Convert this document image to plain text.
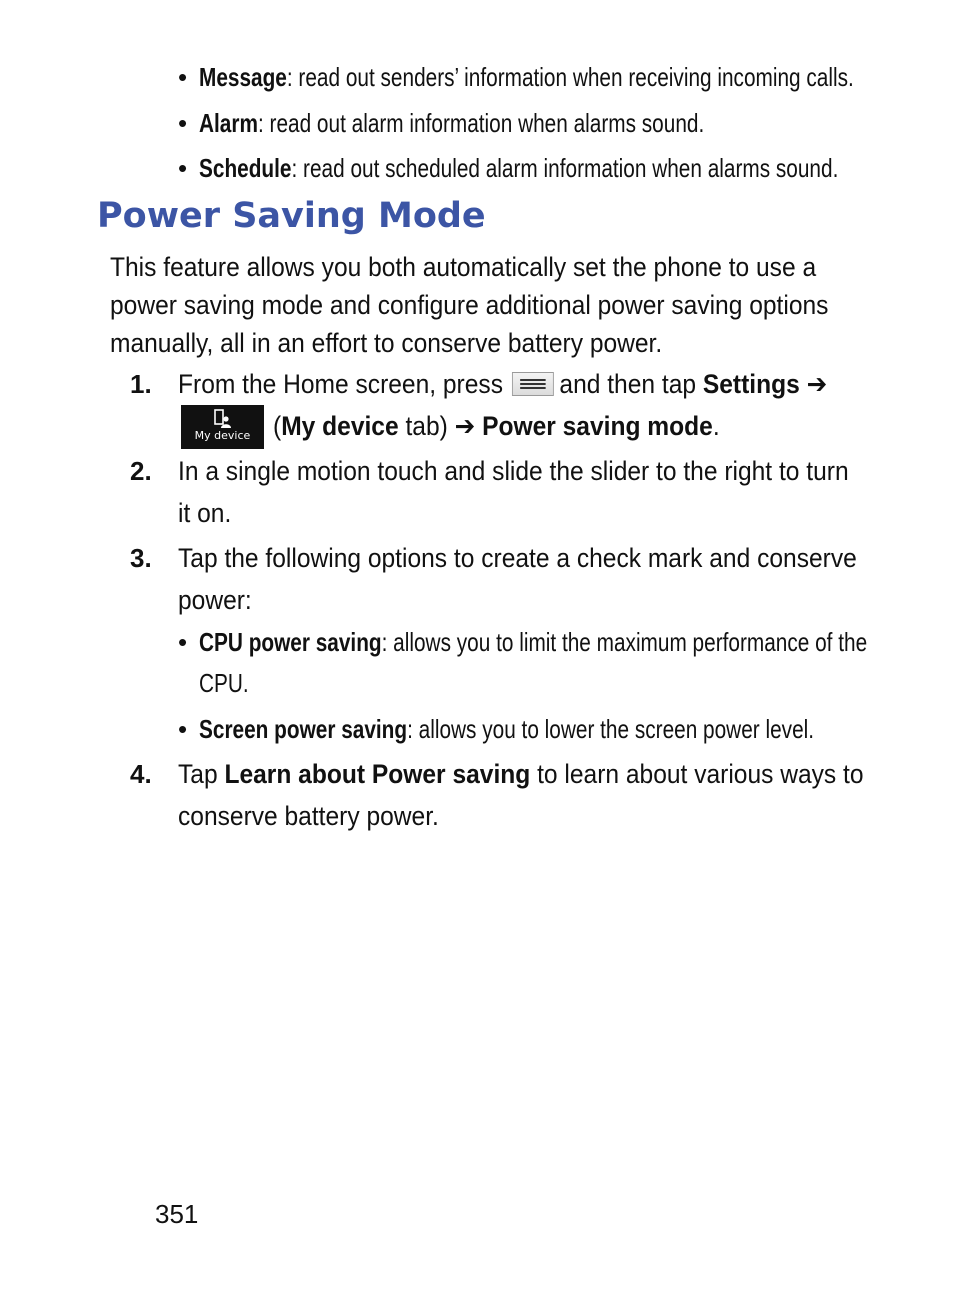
• Message: read out senders’ information when receiving incoming calls.
• Alarm: read out alarm information when alarms sound.
• Schedule: read out scheduled alarm information when alarms sound.
Power Saving Mode
This feature allows you both automatically set the phone to use a
power saving mode and configure additional power saving options
manually, all in an effort to conserve battery power.
1. From the Home screen, press and then tap Settings ➔
My device (My device tab) ➔ Power saving mode.
2. In a single motion touch and slide the slider to the right to turn
it on.
3. Tap the following options to create a check mark and conserve
power:
• CPU power saving: allows you to limit the maximum performance of the
CPU.
• Screen power saving: allows you to lower the screen power level.
4. Tap Learn about Power saving to learn about various ways to
conserve battery power.
351
